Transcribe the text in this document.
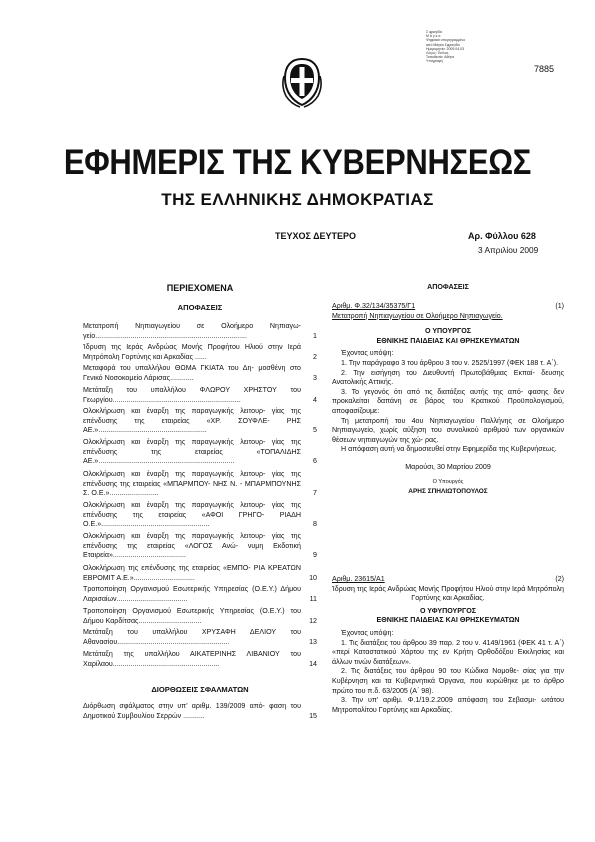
Σ φραγίδα
Μ ά γ κ α
Ψηφιακά υπογεγραμμένο
από Μάγκα Σφραγίδα
Ημερομηνία: 2009.04.03
Λόγος: Τσέλας
Τοποθεσία: Αθήνα
Υπογραφή
7885
ΕΦΗΜΕΡΙΣ ΤΗΣ ΚΥΒΕΡΝΗΣΕΩΣ
ΤΗΣ ΕΛΛΗΝΙΚΗΣ ΔΗΜΟΚΡΑΤΙΑΣ
ΤΕΥΧΟΣ ΔΕΥΤΕΡΟ	Αρ. Φύλλου 628
3 Απριλίου 2009
ΠΕΡΙΕΧΟΜΕΝΑ
ΑΠΟΦΑΣΕΙΣ
Μετατροπή Νηπιαγωγείου σε Ολοήμερο Νηπιαγω- γείο.............................................................................	1
Ίδρυση της Ιεράς Ανδρώας Μονής Προφήτου Ηλιού στην Ιερά Μητρόπολη Γορτύνης και Αρκαδίας ......	2
Μεταφορά του υπαλλήλου ΘΩΜΑ ΓΚΙΑΤΑ του Δη- μοσθένη στο Γενικό Νοσοκομείο Λάρισας............	3
Μετάταξη του υπαλλήλου ΦΛΩΡΟΥ ΧΡΗΣΤΟΥ του Γεωργίου.................................................................	4
Ολοκλήρωση και έναρξη της παραγωγικής λειτουρ- γίας της επένδυσης της εταιρείας «ΧΡ. ΣΟΥΦΛΕ- ΡΗΣ ΑΕ.».......................................................	5
Ολοκλήρωση και έναρξη της παραγωγικής λειτουρ- γίας της επένδυσης της εταιρείας «ΤΟΠΑΛΙΔΗΣ ΑΕ.».....................................................................	6
Ολοκλήρωση και έναρξη της παραγωγικής λειτουρ- γίας της επένδυσης της εταιρείας «ΜΠΑΡΜΠΟΥ- ΝΗΣ Ν. - ΜΠΑΡΜΠΟΥΝΗΣ Σ. Ο.Ε.».........................	7
Ολοκλήρωση και έναρξη της παραγωγικής λειτουρ- γίας της επένδυσης της εταιρείας «ΑΦΟΙ ΓΡΗΓΟ- ΡΙΑΔΗ Ο.Ε.».......................................................	8
Ολοκλήρωση και έναρξη της παραγωγικής λειτουρ- γίας της επένδυσης της εταιρείας «ΛΟΓΟΣ Ανώ- νυμη Εκδοτική Εταιρεία».....................................	9
Ολοκλήρωση της επένδυσης της εταιρείας «ΕΜΠΟ- ΡΙΑ ΚΡΕΑΤΩΝ ΕΒΡΟΜΙΤ Α.Ε.»...............................	10
Τροποποίηση Οργανισμού Εσωτερικής Υπηρεσίας (Ο.Ε.Υ.) Δήμου Λαρισαίων....................................	11
Τροποποίηση Οργανισμού Εσωτερικής Υπηρεσίας (Ο.Ε.Υ.) του Δήμου Καρδίτσας................................	12
Μετάταξη του υπαλλήλου ΧΡΥΣΑΦΗ ΔΕΛΙΟΥ του Αθανασίου.........................................................	13
Μετάταξη της υπαλλήλου ΑΙΚΑΤΕΡΙΝΗΣ ΛΙΒΑΝΙΟΥ του Χαρίλαου......................................................	14
ΔΙΟΡΘΩΣΕΙΣ ΣΦΑΛΜΑΤΩΝ
Διόρθωση σφάλματος στην υπ' αριθμ. 139/2009 από- φαση του Δημοτικού Συμβουλίου Σερρών ...........	15
ΑΠΟΦΑΣΕΙΣ
Αριθμ. Φ.32/134/35375/Γ1	(1)

Μετατροπή Νηπιαγωγείου σε Ολοήμερο Νηπιαγωγείο.

Ο ΥΠΟΥΡΓΟΣ

ΕΘΝΙΚΗΣ ΠΑΙΔΕΙΑΣ ΚΑΙ ΘΡΗΣΚΕΥΜΑΤΩΝ

Έχοντας υπόψη:

1. Την παράγραφο 3 του άρθρου 3 του ν. 2525/1997 (ΦΕΚ 188 τ. Α΄).

2. Την εισήγηση του Διευθυντή Πρωτοβάθμιας Εκπαί- δευσης Ανατολικής Αττικής.

3. Το γεγονός ότι από τις διατάξεις αυτής της από- φασης δεν προκαλείται δαπάνη σε βάρος του Κρατικού Προϋπολογισμού, αποφασίζουμε:

Τη μετατροπή του 4ου Νηπιαγωγείου Παλλήνης σε Ολοήμερο Νηπιαγωγείο, χωρίς αύξηση του συνολικού αριθμού των οργανικών θέσεων νηπιαγωγών της χώ- ρας.

Η απόφαση αυτή να δημοσιευθεί στην Εφημερίδα της Κυβερνήσεως.

Μαρούσι, 30 Μαρτίου 2009

Ο Υπουργός

ΑΡΗΣ ΣΠΗΛΙΩΤΟΠΟΥΛΟΣ

Αριθμ. 23615/Α1	(2)

Ίδρυση της Ιεράς Ανδρώας Μονής Προφήτου Ηλιού στην Ιερά Μητρόπολη Γορτύνης και Αρκαδίας.

Ο ΥΦΥΠΟΥΡΓΟΣ

ΕΘΝΙΚΗΣ ΠΑΙΔΕΙΑΣ ΚΑΙ ΘΡΗΣΚΕΥΜΑΤΩΝ

Έχοντας υπόψη:

1. Τις διατάξεις του άρθρου 39 παρ. 2 του ν. 4149/1961 (ΦΕΚ 41 τ. Α΄) «περί Καταστατικού Χάρτου της εν Κρήτη Ορθοδόξου Εκκλησίας και άλλων τινών διατάξεων».

2. Τις διατάξεις του άρθρου 90 του Κώδικα Νομοθε- σίας για την Κυβέρνηση και τα Κυβερνητικά Όργανα, που κυρώθηκε με το άρθρο πρώτο του π.δ. 63/2005 (Α΄ 98).

3. Την υπ' αριθμ. Φ.1/19.2.2009 απόφαση του Σεβασμι- ωτάτου Μητροπολίτου Γορτύνης και Αρκαδίας.
